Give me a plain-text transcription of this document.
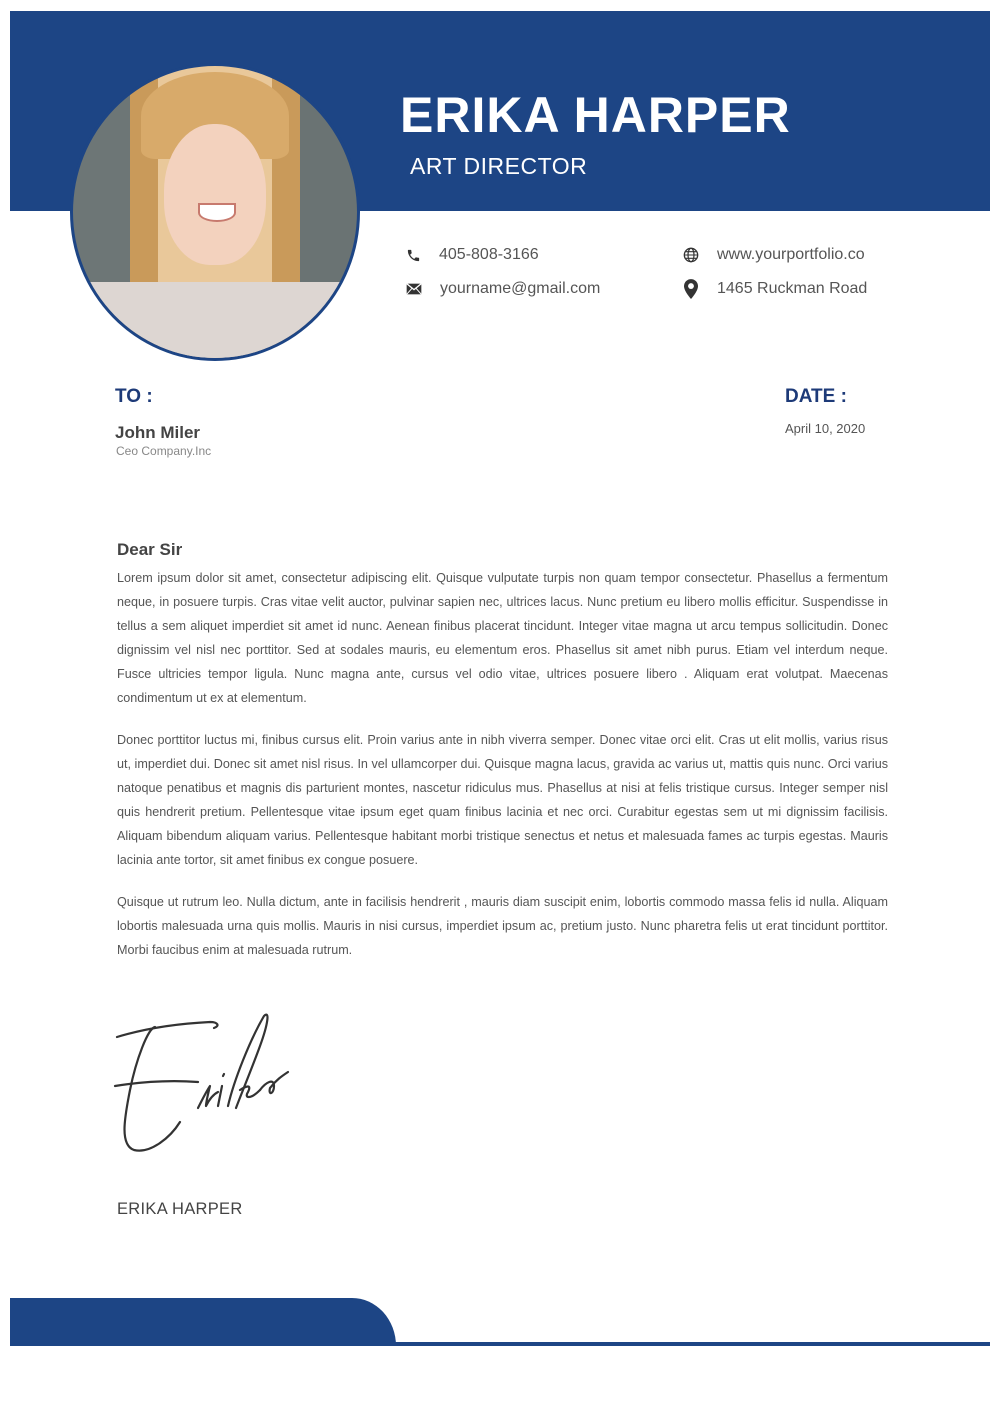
ERIKA HARPER
ART DIRECTOR
405-808-3166
yourname@gmail.com
www.yourportfolio.co
1465 Ruckman Road
TO :
John Miler
Ceo Company.Inc
DATE :
April 10, 2020
Dear Sir

Lorem ipsum dolor sit amet, consectetur adipiscing elit. Quisque vulputate turpis non quam tempor consectetur. Phasellus a fermentum neque, in posuere turpis. Cras vitae velit auctor, pulvinar sapien nec, ultrices lacus. Nunc pretium eu libero mollis efficitur. Suspendisse in tellus a sem aliquet imperdiet sit amet id nunc. Aenean finibus placerat tincidunt. Integer vitae magna ut arcu tempus sollicitudin. Donec dignissim vel nisl nec porttitor. Sed at sodales mauris, eu elementum eros. Phasellus sit amet nibh purus. Etiam vel interdum neque. Fusce ultricies tempor ligula. Nunc magna ante, cursus vel odio vitae, ultrices posuere libero . Aliquam erat volutpat. Maecenas condimentum ut ex at elementum.

Donec porttitor luctus mi, finibus cursus elit. Proin varius ante in nibh viverra semper. Donec vitae orci elit. Cras ut elit mollis, varius risus ut, imperdiet dui. Donec sit amet nisl risus. In vel ullamcorper dui. Quisque magna lacus, gravida ac varius ut, mattis quis nunc. Orci varius natoque penatibus et magnis dis parturient montes, nascetur ridiculus mus. Phasellus at nisi at felis tristique cursus. Integer semper nisl quis hendrerit pretium. Pellentesque vitae ipsum eget quam finibus lacinia et nec orci. Curabitur egestas sem ut mi dignissim facilisis. Aliquam bibendum aliquam varius. Pellentesque habitant morbi tristique senectus et netus et malesuada fames ac turpis egestas. Mauris lacinia ante tortor, sit amet finibus ex congue posuere.

Quisque ut rutrum leo. Nulla dictum, ante in facilisis hendrerit , mauris diam suscipit enim, lobortis commodo massa felis id nulla. Aliquam lobortis malesuada urna quis mollis. Mauris in nisi cursus, imperdiet ipsum ac, pretium justo. Nunc pharetra felis ut erat tincidunt porttitor. Morbi faucibus enim at malesuada rutrum.

ERIKA HARPER
